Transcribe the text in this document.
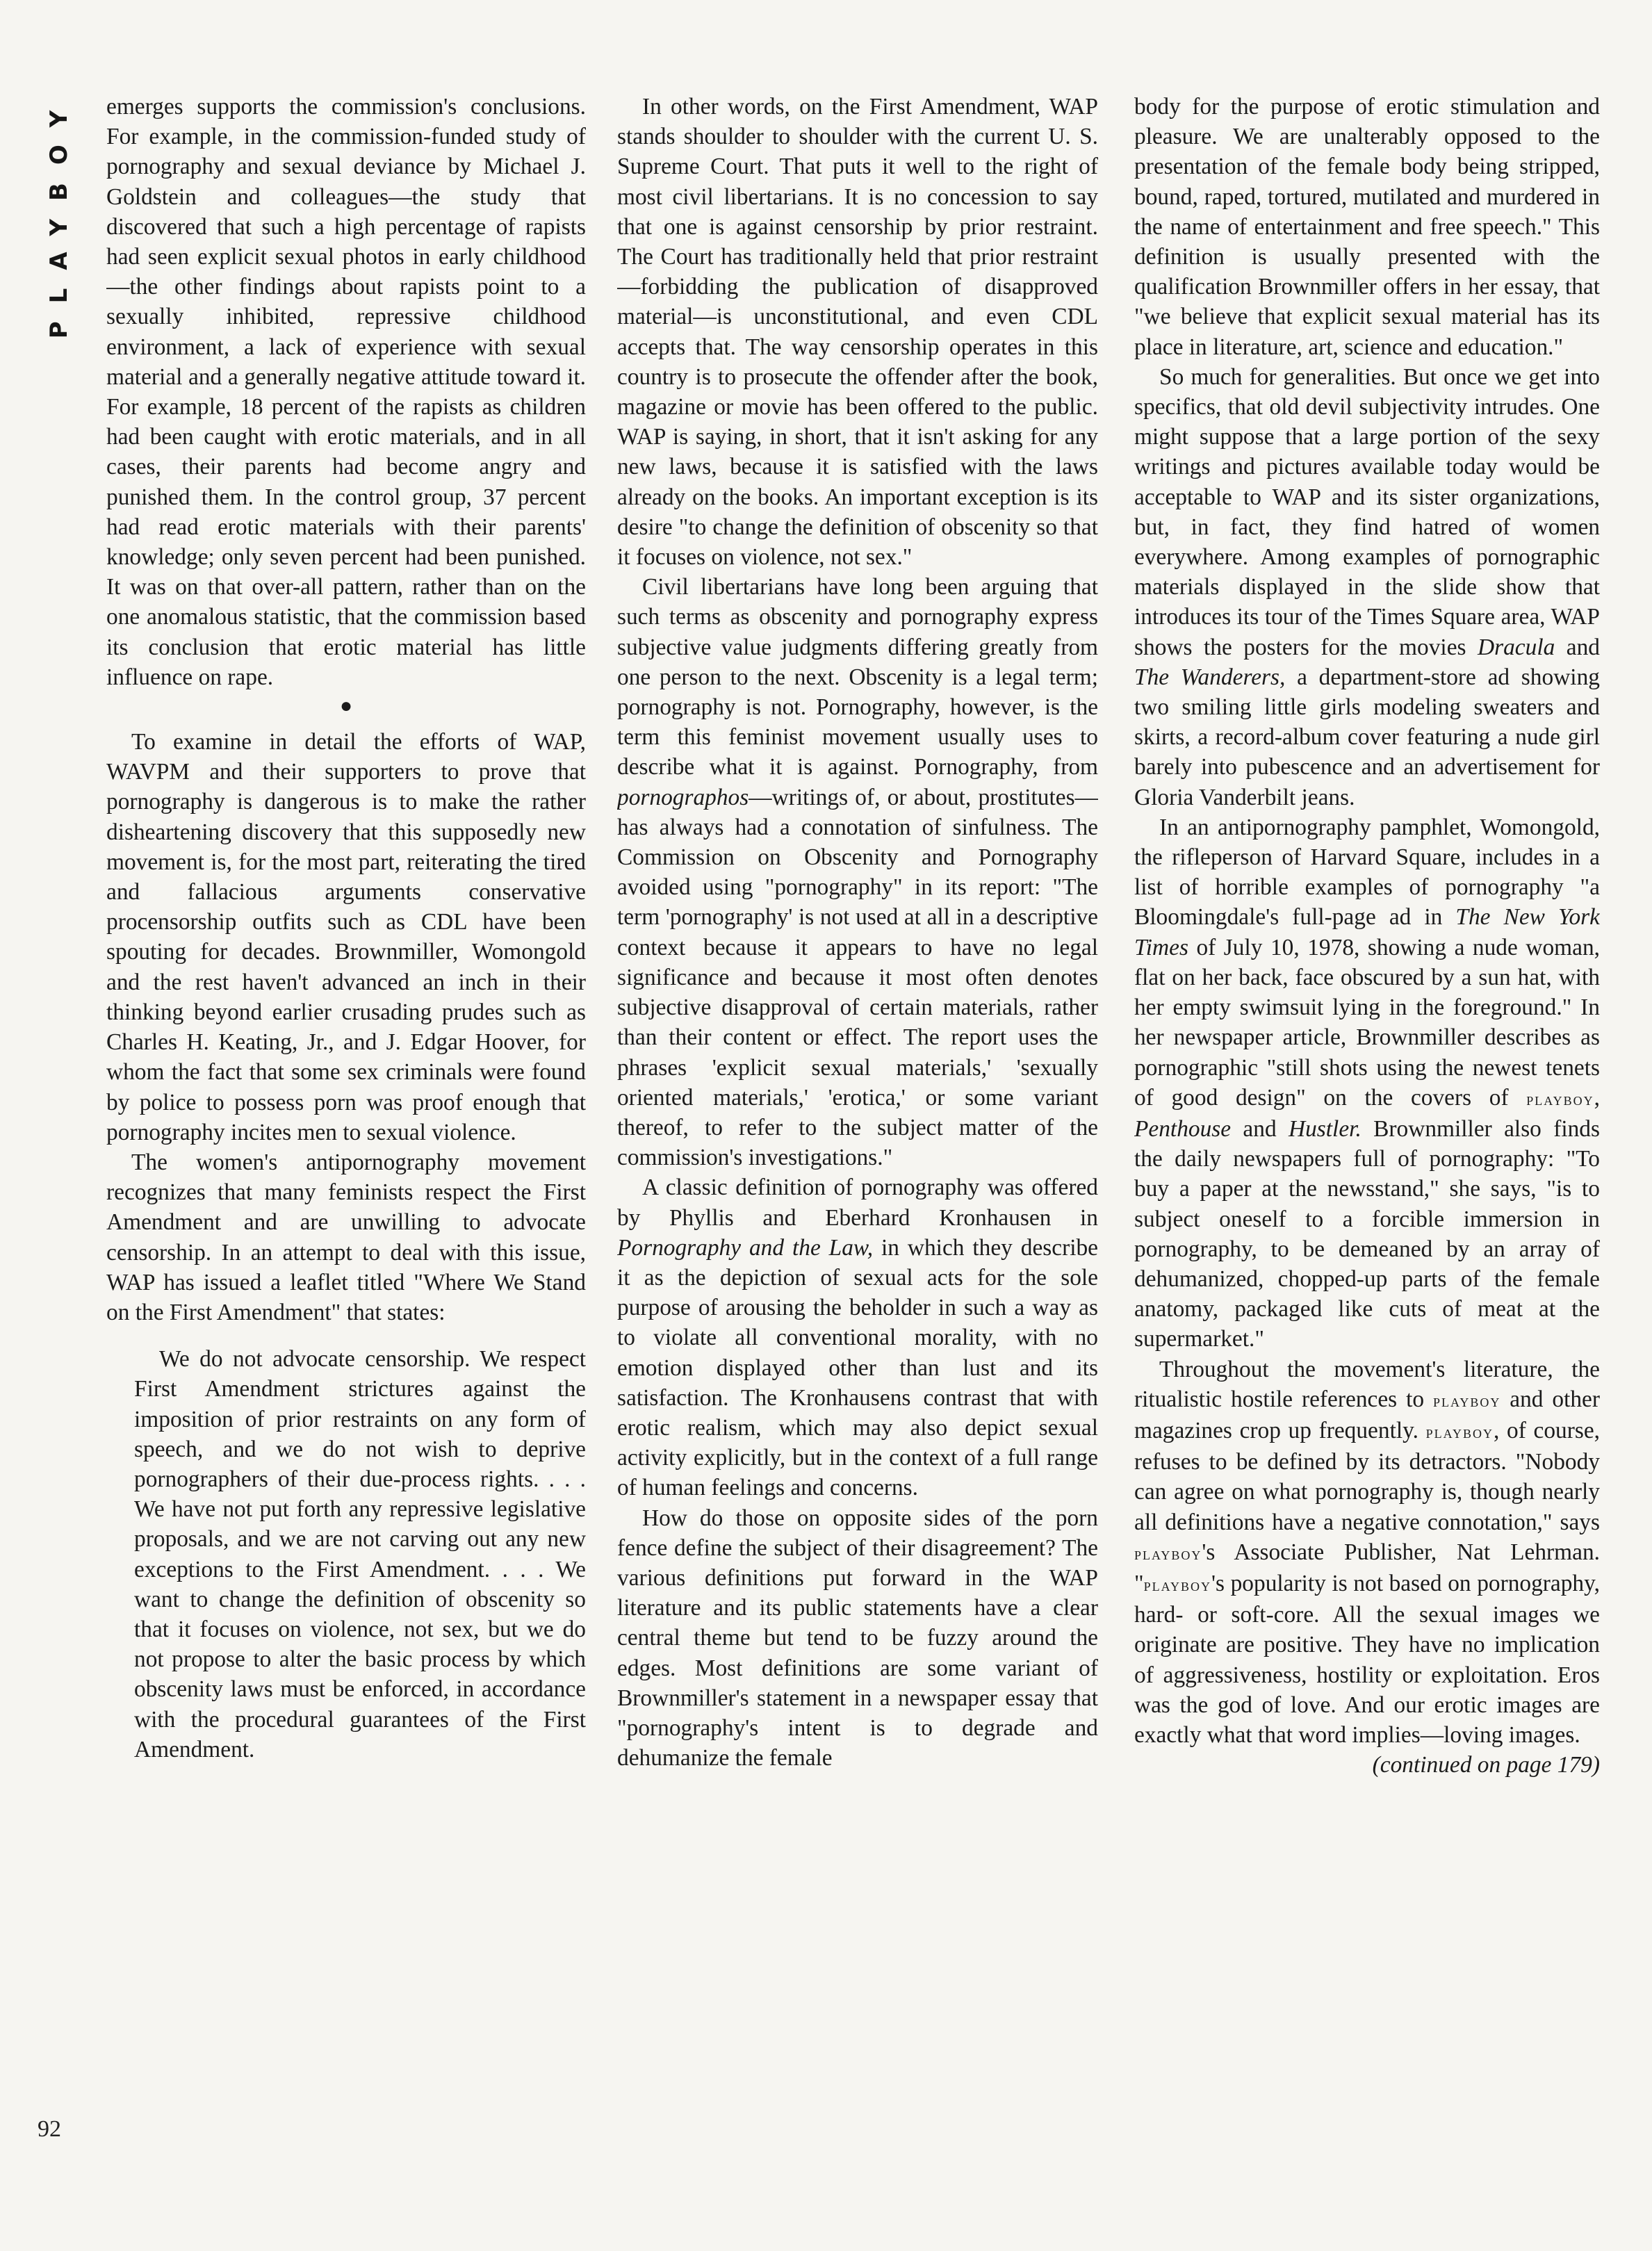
PLAYBOY
92

emerges supports the commission's conclusions. For example, in the commission-funded study of pornography and sexual deviance by Michael J. Goldstein and colleagues—the study that discovered that such a high percentage of rapists had seen explicit sexual photos in early childhood—the other findings about rapists point to a sexually inhibited, repressive childhood environment, a lack of experience with sexual material and a generally negative attitude toward it. For example, 18 percent of the rapists as children had been caught with erotic materials, and in all cases, their parents had become angry and punished them. In the control group, 37 percent had read erotic materials with their parents' knowledge; only seven percent had been punished. It was on that over-all pattern, rather than on the one anomalous statistic, that the commission based its conclusion that erotic material has little influence on rape.

●

To examine in detail the efforts of WAP, WAVPM and their supporters to prove that pornography is dangerous is to make the rather disheartening discovery that this supposedly new movement is, for the most part, reiterating the tired and fallacious arguments conservative procensorship outfits such as CDL have been spouting for decades. Brownmiller, Womongold and the rest haven't advanced an inch in their thinking beyond earlier crusading prudes such as Charles H. Keating, Jr., and J. Edgar Hoover, for whom the fact that some sex criminals were found by police to possess porn was proof enough that pornography incites men to sexual violence.

The women's antipornography movement recognizes that many feminists respect the First Amendment and are unwilling to advocate censorship. In an attempt to deal with this issue, WAP has issued a leaflet titled "Where We Stand on the First Amendment" that states:

We do not advocate censorship. We respect First Amendment strictures against the imposition of prior restraints on any form of speech, and we do not wish to deprive pornographers of their due-process rights. . . . We have not put forth any repressive legislative proposals, and we are not carving out any new exceptions to the First Amendment. . . . We want to change the definition of obscenity so that it focuses on violence, not sex, but we do not propose to alter the basic process by which obscenity laws must be enforced, in accordance with the procedural guarantees of the First Amendment.

In other words, on the First Amendment, WAP stands shoulder to shoulder with the current U. S. Supreme Court. That puts it well to the right of most civil libertarians. It is no concession to say that one is against censorship by prior restraint. The Court has traditionally held that prior restraint—forbidding the publication of disapproved material—is unconstitutional, and even CDL accepts that. The way censorship operates in this country is to prosecute the offender after the book, magazine or movie has been offered to the public. WAP is saying, in short, that it isn't asking for any new laws, because it is satisfied with the laws already on the books. An important exception is its desire "to change the definition of obscenity so that it focuses on violence, not sex."

Civil libertarians have long been arguing that such terms as obscenity and pornography express subjective value judgments differing greatly from one person to the next. Obscenity is a legal term; pornography is not. Pornography, however, is the term this feminist movement usually uses to describe what it is against. Pornography, from pornographos—writings of, or about, prostitutes—has always had a connotation of sinfulness. The Commission on Obscenity and Pornography avoided using "pornography" in its report: "The term 'pornography' is not used at all in a descriptive context because it appears to have no legal significance and because it most often denotes subjective disapproval of certain materials, rather than their content or effect. The report uses the phrases 'explicit sexual materials,' 'sexually oriented materials,' 'erotica,' or some variant thereof, to refer to the subject matter of the commission's investigations."

A classic definition of pornography was offered by Phyllis and Eberhard Kronhausen in Pornography and the Law, in which they describe it as the depiction of sexual acts for the sole purpose of arousing the beholder in such a way as to violate all conventional morality, with no emotion displayed other than lust and its satisfaction. The Kronhausens contrast that with erotic realism, which may also depict sexual activity explicitly, but in the context of a full range of human feelings and concerns.

How do those on opposite sides of the porn fence define the subject of their disagreement? The various definitions put forward in the WAP literature and its public statements have a clear central theme but tend to be fuzzy around the edges. Most definitions are some variant of Brownmiller's statement in a newspaper essay that "pornography's intent is to degrade and dehumanize the female

body for the purpose of erotic stimulation and pleasure. We are unalterably opposed to the presentation of the female body being stripped, bound, raped, tortured, mutilated and murdered in the name of entertainment and free speech." This definition is usually presented with the qualification Brownmiller offers in her essay, that "we believe that explicit sexual material has its place in literature, art, science and education."

So much for generalities. But once we get into specifics, that old devil subjectivity intrudes. One might suppose that a large portion of the sexy writings and pictures available today would be acceptable to WAP and its sister organizations, but, in fact, they find hatred of women everywhere. Among examples of pornographic materials displayed in the slide show that introduces its tour of the Times Square area, WAP shows the posters for the movies Dracula and The Wanderers, a department-store ad showing two smiling little girls modeling sweaters and skirts, a record-album cover featuring a nude girl barely into pubescence and an advertisement for Gloria Vanderbilt jeans.

In an antipornography pamphlet, Womongold, the rifleperson of Harvard Square, includes in a list of horrible examples of pornography "a Bloomingdale's full-page ad in The New York Times of July 10, 1978, showing a nude woman, flat on her back, face obscured by a sun hat, with her empty swimsuit lying in the foreground." In her newspaper article, Brownmiller describes as pornographic "still shots using the newest tenets of good design" on the covers of playboy, Penthouse and Hustler. Brownmiller also finds the daily newspapers full of pornography: "To buy a paper at the newsstand," she says, "is to subject oneself to a forcible immersion in pornography, to be demeaned by an array of dehumanized, chopped-up parts of the female anatomy, packaged like cuts of meat at the supermarket."

Throughout the movement's literature, the ritualistic hostile references to playboy and other magazines crop up frequently. playboy, of course, refuses to be defined by its detractors. "Nobody can agree on what pornography is, though nearly all definitions have a negative connotation," says playboy's Associate Publisher, Nat Lehrman. "playboy's popularity is not based on pornography, hard- or soft-core. All the sexual images we originate are positive. They have no implication of aggressiveness, hostility or exploitation. Eros was the god of love. And our erotic images are exactly what that word implies—loving images.

(continued on page 179)
